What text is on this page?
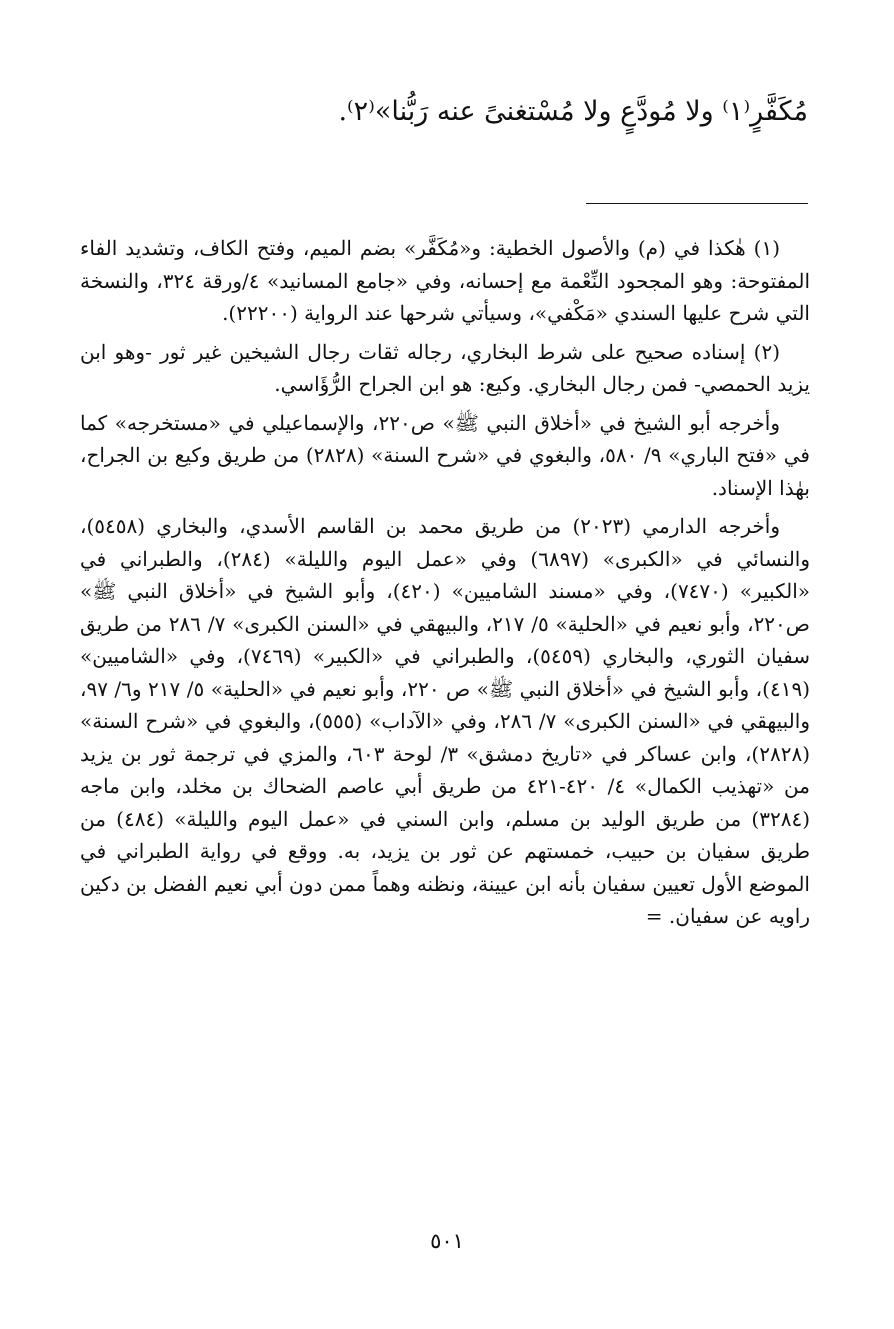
مُكَفَّرٍ⁽١⁾ ولا مُودَّعٍ ولا مُسْتغنىً عنه رَبُّنا»⁽٢⁾.

(١) هٰكذا في (م) والأصول الخطية: و«مُكَفَّر» بضم الميم، وفتح الكاف، وتشديد الفاء المفتوحة: وهو المجحود النِّعْمة مع إحسانه، وفي «جامع المسانيد» ٤/ورقة ٣٢٤، والنسخة التي شرح عليها السندي «مَكْفي»، وسيأتي شرحها عند الرواية (٢٢٢٠٠).

(٢) إسناده صحيح على شرط البخاري، رجاله ثقات رجال الشيخين غير ثور -وهو ابن يزيد الحمصي- فمن رجال البخاري. وكيع: هو ابن الجراح الرُّؤَاسي.

وأخرجه أبو الشيخ في «أخلاق النبي ﷺ» ص٢٢٠، والإسماعيلي في «مستخرجه» كما في «فتح الباري» ٩/ ٥٨٠، والبغوي في «شرح السنة» (٢٨٢٨) من طريق وكيع بن الجراح، بهٰذا الإسناد.

وأخرجه الدارمي (٢٠٢٣) من طريق محمد بن القاسم الأسدي، والبخاري (٥٤٥٨)، والنسائي في «الكبرى» (٦٨٩٧) وفي «عمل اليوم والليلة» (٢٨٤)، والطبراني في «الكبير» (٧٤٧٠)، وفي «مسند الشاميين» (٤٢٠)، وأبو الشيخ في «أخلاق النبي ﷺ» ص٢٢٠، وأبو نعيم في «الحلية» ٥/ ٢١٧، والبيهقي في «السنن الكبرى» ٧/ ٢٨٦ من طريق سفيان الثوري، والبخاري (٥٤٥٩)، والطبراني في «الكبير» (٧٤٦٩)، وفي «الشاميين» (٤١٩)، وأبو الشيخ في «أخلاق النبي ﷺ» ص ٢٢٠، وأبو نعيم في «الحلية» ٥/ ٢١٧ و٦/ ٩٧، والبيهقي في «السنن الكبرى» ٧/ ٢٨٦، وفي «الآداب» (٥٥٥)، والبغوي في «شرح السنة» (٢٨٢٨)، وابن عساكر في «تاريخ دمشق» ٣/ لوحة ٦٠٣، والمزي في ترجمة ثور بن يزيد من «تهذيب الكمال» ٤/ ٤٢٠-٤٢١ من طريق أبي عاصم الضحاك بن مخلد، وابن ماجه (٣٢٨٤) من طريق الوليد بن مسلم، وابن السني في «عمل اليوم والليلة» (٤٨٤) من طريق سفيان بن حبيب، خمستهم عن ثور بن يزيد، به. ووقع في رواية الطبراني في الموضع الأول تعيين سفيان بأنه ابن عيينة، ونظنه وهماً ممن دون أبي نعيم الفضل بن دكين راويه عن سفيان. =

٥٠١
